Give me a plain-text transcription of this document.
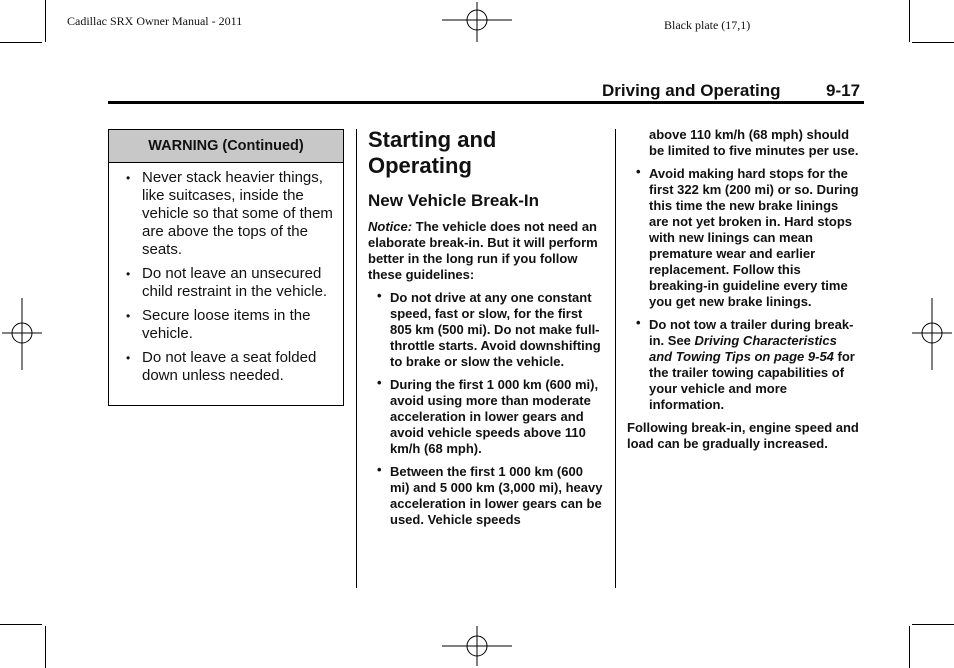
Cadillac SRX Owner Manual - 2011	Black plate (17,1)
Driving and Operating	9-17
WARNING (Continued)
• Never stack heavier things, like suitcases, inside the vehicle so that some of them are above the tops of the seats.
• Do not leave an unsecured child restraint in the vehicle.
• Secure loose items in the vehicle.
• Do not leave a seat folded down unless needed.
Starting and Operating
New Vehicle Break-In
Notice: The vehicle does not need an elaborate break-in. But it will perform better in the long run if you follow these guidelines:
• Do not drive at any one constant speed, fast or slow, for the first 805 km (500 mi). Do not make full-throttle starts. Avoid downshifting to brake or slow the vehicle.
• During the first 1 000 km (600 mi), avoid using more than moderate acceleration in lower gears and avoid vehicle speeds above 110 km/h (68 mph).
• Between the first 1 000 km (600 mi) and 5 000 km (3,000 mi), heavy acceleration in lower gears can be used. Vehicle speeds
above 110 km/h (68 mph) should be limited to five minutes per use.
• Avoid making hard stops for the first 322 km (200 mi) or so. During this time the new brake linings are not yet broken in. Hard stops with new linings can mean premature wear and earlier replacement. Follow this breaking-in guideline every time you get new brake linings.
• Do not tow a trailer during break-in. See Driving Characteristics and Towing Tips on page 9-54 for the trailer towing capabilities of your vehicle and more information.
Following break-in, engine speed and load can be gradually increased.
